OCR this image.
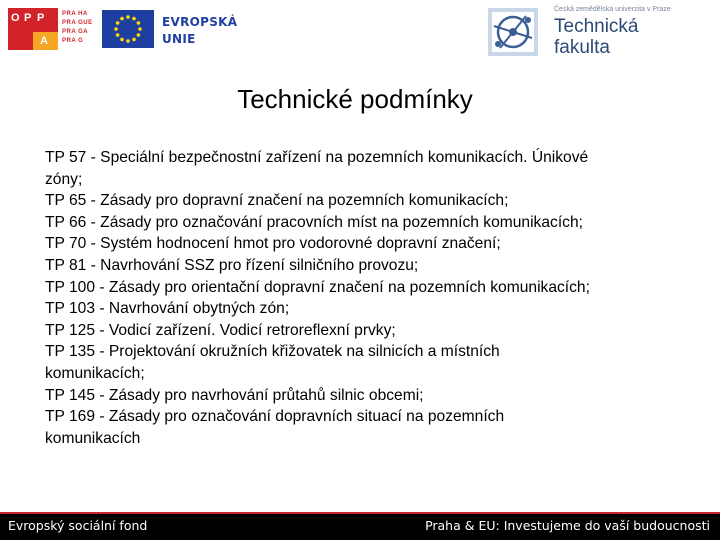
O P P
A
PRA HA
PRA GUE
PRA GA
PRA G
EVROPSKÁ
UNIE
Česká zemědělská univerzita v Praze
Technická
fakulta
Technické podmínky
TP 57 - Speciální bezpečnostní zařízení na pozemních komunikacích. Únikové
zóny;
TP 65 - Zásady pro dopravní značení na pozemních komunikacích;
TP 66 - Zásady pro označování pracovních míst na pozemních komunikacích;
TP 70 - Systém hodnocení hmot pro vodorovné dopravní značení;
TP 81 - Navrhování SSZ pro řízení silničního provozu;
TP 100 - Zásady pro orientační dopravní značení na pozemních komunikacích;
TP 103 - Navrhování obytných zón;
TP 125 - Vodicí zařízení. Vodicí retroreflexní prvky;
TP 135 - Projektování okružních křižovatek na silnicích a místních
komunikacích;
TP 145 - Zásady pro navrhování průtahů silnic obcemi;
TP 169 - Zásady pro označování dopravních situací na pozemních
komunikacích
Evropský sociální fond	Praha & EU: Investujeme do vaší budoucnosti
